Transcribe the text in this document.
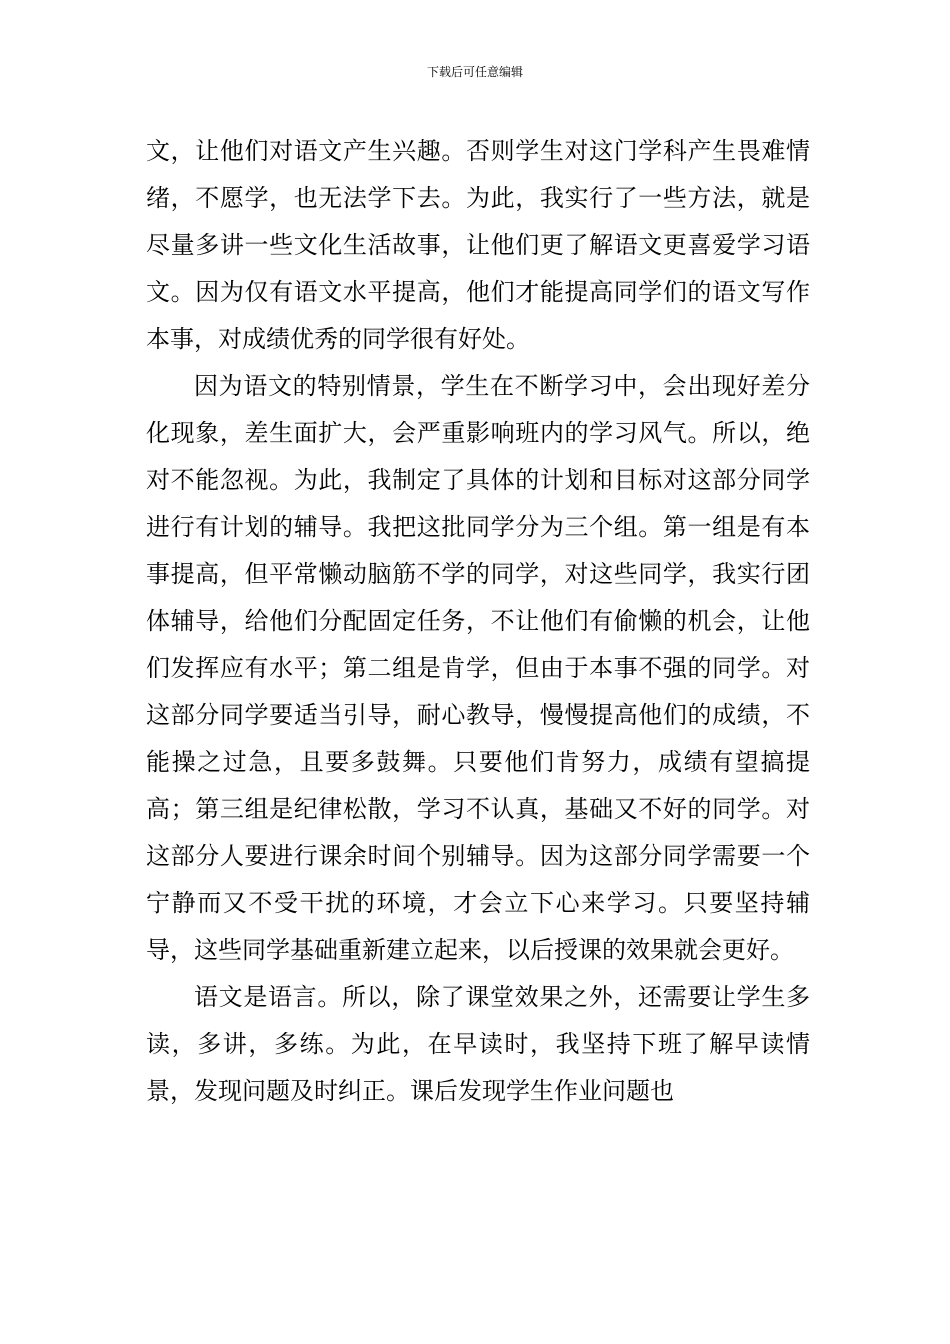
下载后可任意编辑

文，让他们对语文产生兴趣。否则学生对这门学科产生畏难情绪，不愿学，也无法学下去。为此，我实行了一些方法，就是尽量多讲一些文化生活故事，让他们更了解语文更喜爱学习语文。因为仅有语文水平提高，他们才能提高同学们的语文写作本事，对成绩优秀的同学很有好处。

因为语文的特别情景，学生在不断学习中，会出现好差分化现象，差生面扩大，会严重影响班内的学习风气。所以，绝对不能忽视。为此，我制定了具体的计划和目标对这部分同学进行有计划的辅导。我把这批同学分为三个组。第一组是有本事提高，但平常懒动脑筋不学的同学，对这些同学，我实行团体辅导，给他们分配固定任务，不让他们有偷懒的机会，让他们发挥应有水平；第二组是肯学，但由于本事不强的同学。对这部分同学要适当引导，耐心教导，慢慢提高他们的成绩，不能操之过急，且要多鼓舞。只要他们肯努力，成绩有望搞提高；第三组是纪律松散，学习不认真，基础又不好的同学。对这部分人要进行课余时间个别辅导。因为这部分同学需要一个宁静而又不受干扰的环境，才会立下心来学习。只要坚持辅导，这些同学基础重新建立起来，以后授课的效果就会更好。

语文是语言。所以，除了课堂效果之外，还需要让学生多读，多讲，多练。为此，在早读时，我坚持下班了解早读情景，发现问题及时纠正。课后发现学生作业问题也
